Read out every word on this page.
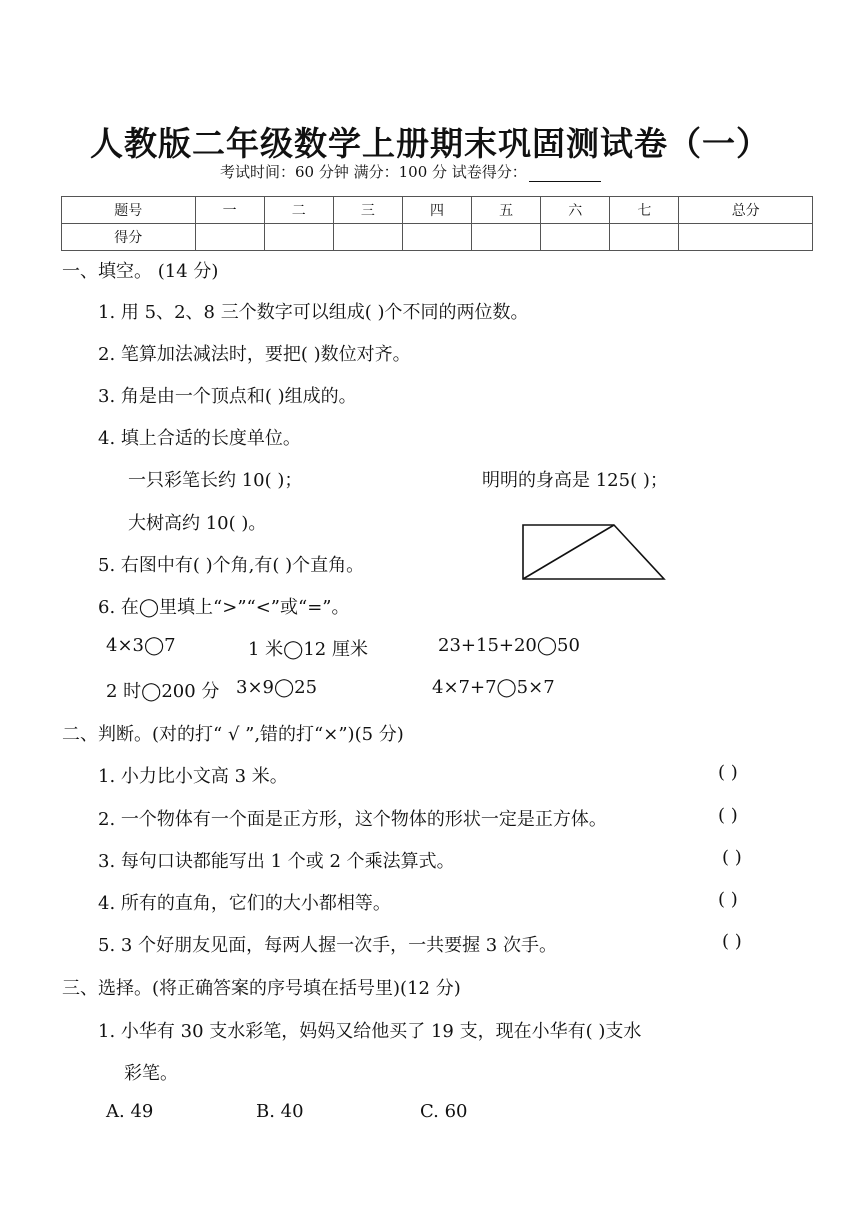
人教版二年级数学上册期末巩固测试卷（一）
考试时间：60 分钟 满分：100 分 试卷得分：
题号	一	二	三	四	五	六	七	总分
得分								
一、填空。 (14 分)
1. 用 5、2、8 三个数字可以组成( )个不同的两位数。
2. 笔算加法减法时，要把( )数位对齐。
3. 角是由一个顶点和( )组成的。
4. 填上合适的长度单位。
一只彩笔长约 10( )；	明明的身高是 125( )；
大树高约 10( )。
5. 右图中有( )个角,有( )个直角。
6. 在◯里填上“>”“<”或“=”。
4×3◯7	1 米◯12 厘米	23+15+20◯50
2 时◯200 分 3×9◯25	4×7+7◯5×7
二、判断。(对的打“ √ ”,错的打“×”)(5 分)
1. 小力比小文高 3 米。	( )
2. 一个物体有一个面是正方形，这个物体的形状一定是正方体。	( )
3. 每句口诀都能写出 1 个或 2 个乘法算式。	( )
4. 所有的直角，它们的大小都相等。	( )
5. 3 个好朋友见面，每两人握一次手，一共要握 3 次手。	( )
三、选择。(将正确答案的序号填在括号里)(12 分)
1. 小华有 30 支水彩笔，妈妈又给他买了 19 支，现在小华有( )支水
彩笔。
A. 49	B. 40	C. 60
